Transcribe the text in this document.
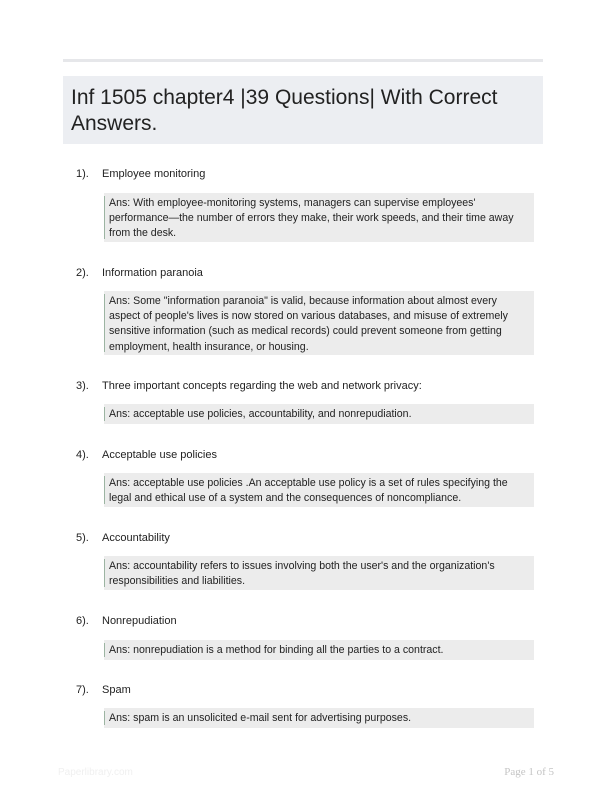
Inf 1505 chapter4 |39 Questions| With Correct Answers.
1). Employee monitoring
Ans: With employee-monitoring systems, managers can supervise employees' performance—the number of errors they make, their work speeds, and their time away from the desk.
2). Information paranoia
Ans: Some "information paranoia" is valid, because information about almost every aspect of people's lives is now stored on various databases, and misuse of extremely sensitive information (such as medical records) could prevent someone from getting employment, health insurance, or housing.
3). Three important concepts regarding the web and network privacy:
Ans: acceptable use policies, accountability, and nonrepudiation.
4). Acceptable use policies
Ans: acceptable use policies .An acceptable use policy is a set of rules specifying the legal and ethical use of a system and the consequences of noncompliance.
5). Accountability
Ans: accountability refers to issues involving both the user's and the organization's responsibilities and liabilities.
6). Nonrepudiation
Ans: nonrepudiation is a method for binding all the parties to a contract.
7). Spam
Ans: spam is an unsolicited e-mail sent for advertising purposes.
Paperlibrary.com	Page 1 of 5
